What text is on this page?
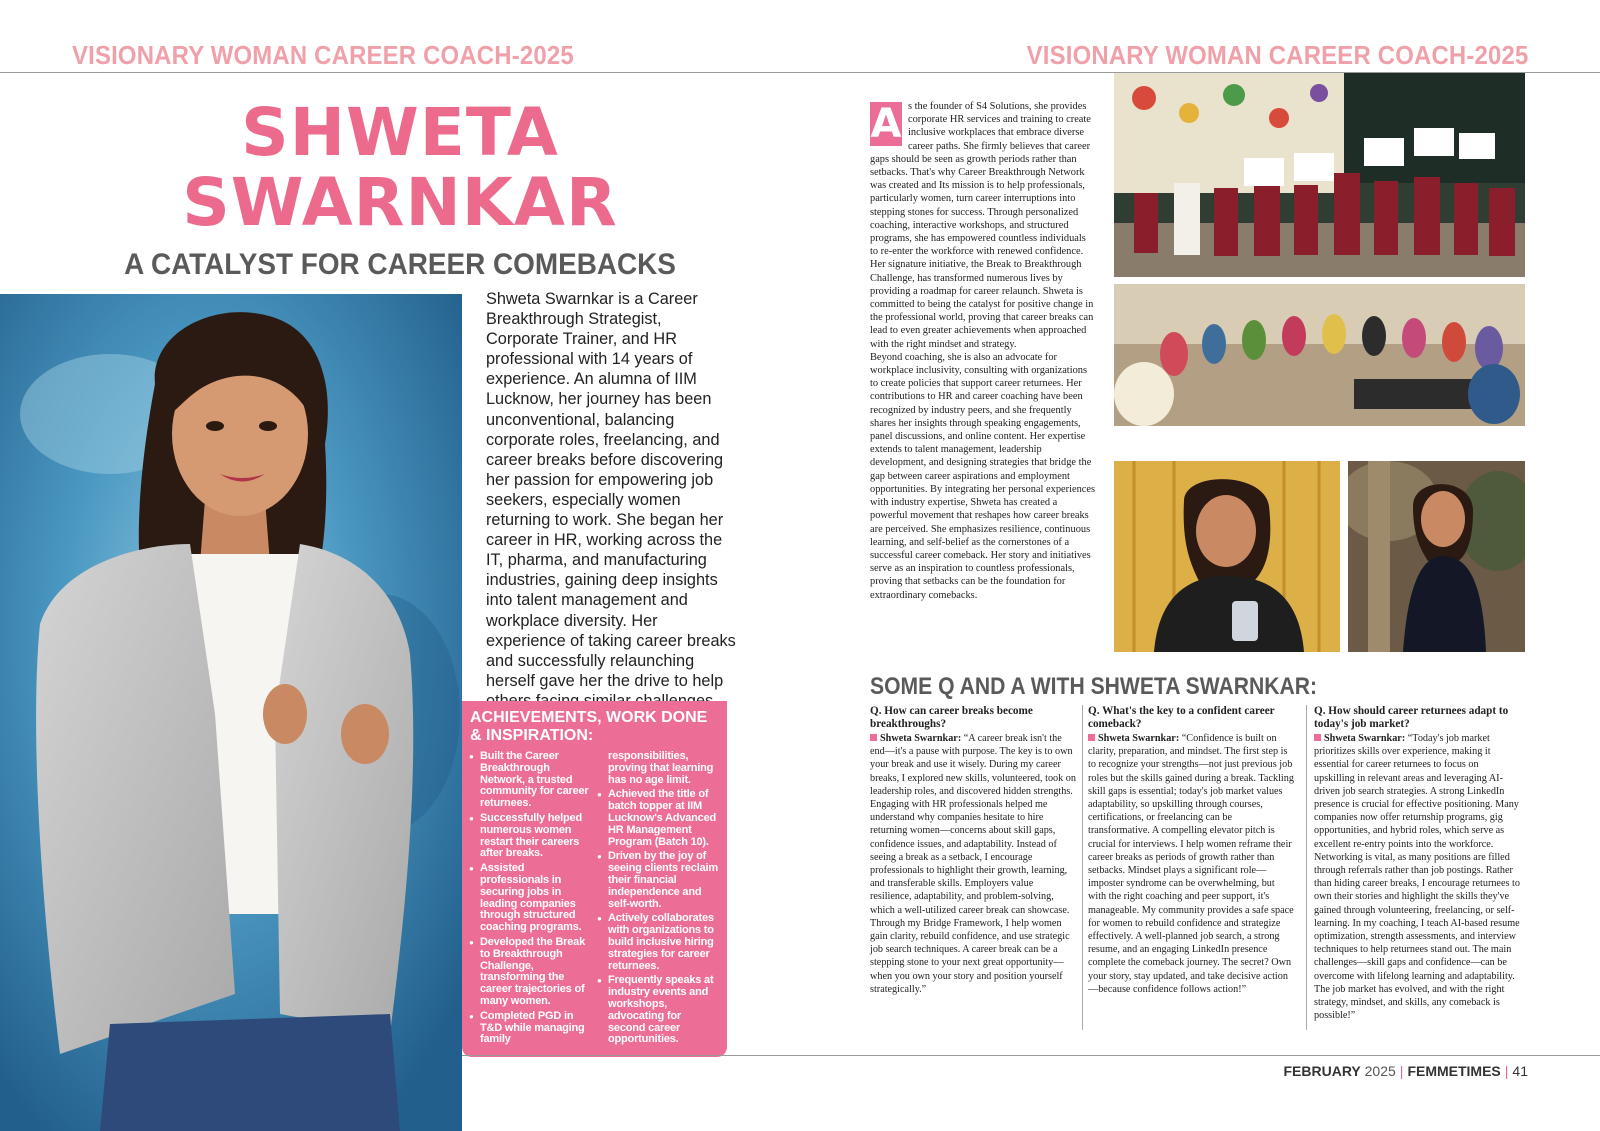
VISIONARY WOMAN CAREER COACH-2025	VISIONARY WOMAN CAREER COACH-2025
SHWETA
SWARNKAR
A CATALYST FOR CAREER COMEBACKS
Shweta Swarnkar is a Career Breakthrough Strategist, Corporate Trainer, and HR professional with 14 years of experience. An alumna of IIM Lucknow, her journey has been unconventional, balancing corporate roles, freelancing, and career breaks before discovering her passion for empowering job seekers, especially women returning to work. She began her career in HR, working across the IT, pharma, and manufacturing industries, gaining deep insights into talent management and workplace diversity. Her experience of taking career breaks and successfully relaunching herself gave her the drive to help
ACHIEVEMENTS, WORK DONE & INSPIRATION:
● Built the Career Breakthrough Network, a trusted community for career returnees.
● Successfully helped numerous women restart their careers after breaks.
● Assisted professionals in securing jobs in leading companies through structured coaching programs.
● Developed the Break to Breakthrough Challenge, transforming the career trajectories of many women.
● Completed PGD in T&D while managing family
responsibilities, proving that learning has no age limit.
● Achieved the title of batch topper at IIM Lucknow's Advanced HR Management Program (Batch 10).
● Driven by the joy of seeing clients reclaim their financial independence and self-worth.
● Actively collaborates with organizations to build inclusive hiring strategies for career returnees.
● Frequently speaks at industry events and workshops, advocating for second career opportunities.
A s the founder of S4 Solutions, she provides corporate HR services and training to create inclusive workplaces that embrace diverse career paths. She firmly believes that career gaps should be seen as growth periods rather than setbacks. That's why Career Breakthrough Network was created and Its mission is to help professionals, particularly women, turn career interruptions into stepping stones for success. Through personalized coaching, interactive workshops, and structured programs, she has empowered countless individuals to re-enter the workforce with renewed confidence.
Her signature initiative, the Break to Breakthrough Challenge, has transformed numerous lives by providing a roadmap for career relaunch. Shweta is committed to being the catalyst for positive change in the professional world, proving that career breaks can lead to even greater achievements when approached with the right mindset and strategy.
Beyond coaching, she is also an advocate for workplace inclusivity, consulting with organizations to create policies that support career returnees. Her contributions to HR and career coaching have been recognized by industry peers, and she frequently shares her insights through speaking engagements, panel discussions, and online content. Her expertise extends to talent management, leadership development, and designing strategies that bridge the gap between career aspirations and employment opportunities. By integrating her personal experiences with industry expertise, Shweta has created a powerful movement that reshapes how career breaks are perceived. She emphasizes resilience, continuous learning, and self-belief as the cornerstones of a successful career comeback. Her story and initiatives serve as an inspiration to countless professionals, proving that setbacks can be the foundation for extraordinary comebacks.
SOME Q AND A WITH SHWETA SWARNKAR:
Q. How can career breaks become breakthroughs?
Shweta Swarnkar: “A career break isn't the end—it's a pause with purpose. The key is to own your break and use it wisely. During my career breaks, I explored new skills, volunteered, took on leadership roles, and discovered hidden strengths. Engaging with HR professionals helped me understand why companies hesitate to hire returning women—concerns about skill gaps, confidence issues, and adaptability. Instead of seeing a break as a setback, I encourage professionals to highlight their growth, learning, and transferable skills. Employers value resilience, adaptability, and problem-solving, which a well-utilized career break can showcase. Through my Bridge Framework, I help women gain clarity, rebuild confidence, and use strategic job search techniques. A career break can be a stepping stone to your next great opportunity—when you own your story and position yourself strategically.”
Q. What's the key to a confident career comeback?
Shweta Swarnkar: “Confidence is built on clarity, preparation, and mindset. The first step is to recognize your strengths—not just previous job roles but the skills gained during a break. Tackling skill gaps is essential; today's job market values adaptability, so upskilling through courses, certifications, or freelancing can be transformative. A compelling elevator pitch is crucial for interviews. I help women reframe their career breaks as periods of growth rather than setbacks. Mindset plays a significant role—imposter syndrome can be overwhelming, but with the right coaching and peer support, it's manageable. My community provides a safe space for women to rebuild confidence and strategize effectively. A well-planned job search, a strong resume, and an engaging LinkedIn presence complete the comeback journey. The secret? Own your story, stay updated, and take decisive action—because confidence follows action!”
Q. How should career returnees adapt to today's job market?
Shweta Swarnkar: “Today's job market prioritizes skills over experience, making it essential for career returnees to focus on upskilling in relevant areas and leveraging AI-driven job search strategies. A strong LinkedIn presence is crucial for effective positioning. Many companies now offer returnship programs, gig opportunities, and hybrid roles, which serve as excellent re-entry points into the workforce. Networking is vital, as many positions are filled through referrals rather than job postings. Rather than hiding career breaks, I encourage returnees to own their stories and highlight the skills they've gained through volunteering, freelancing, or self-learning. In my coaching, I teach AI-based resume optimization, strength assessments, and interview techniques to help returnees stand out. The main challenges—skill gaps and confidence—can be overcome with lifelong learning and adaptability. The job market has evolved, and with the right strategy, mindset, and skills, any comeback is possible!”
FEBRUARY 2025 | FEMMETIMES | 41
